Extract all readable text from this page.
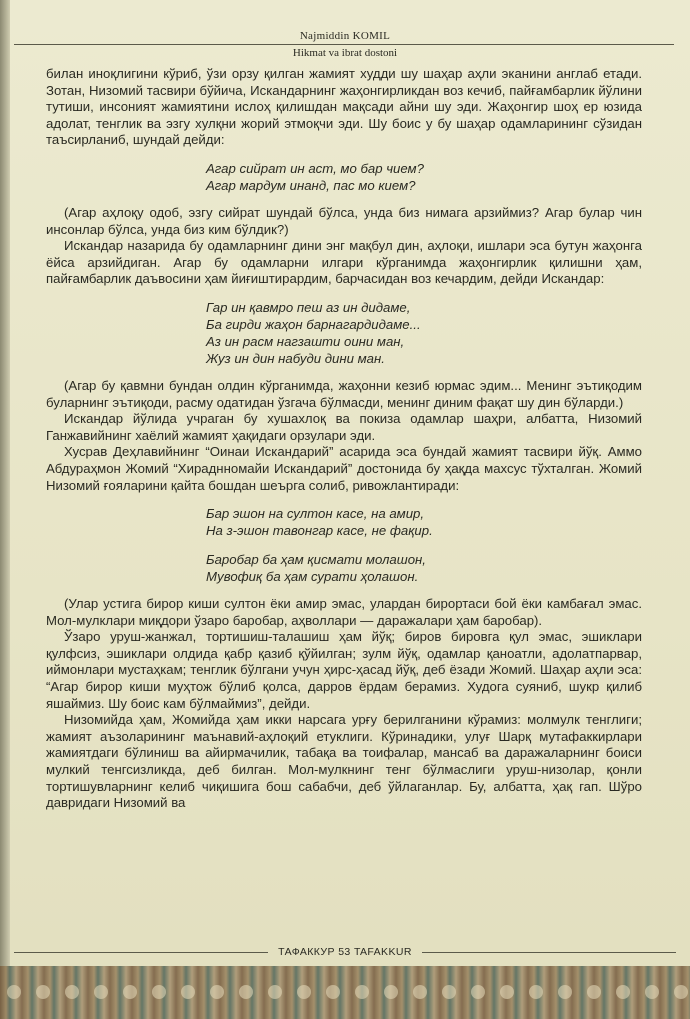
Najmiddin KOMIL
Hikmat va ibrat dostoni

билан иноқлигини кўриб, ўзи орзу қилган жамият худди шу шаҳар аҳли эканини англаб етади. Зотан, Низомий тасвири бўйича, Искандарнинг жаҳонгирликдан воз кечиб, пайғамбарлик йўлини тутиши, инсоният жамиятини ислоҳ қилишдан мақсади айни шу эди. Жаҳонгир шоҳ ер юзида адолат, тенглик ва эзгу хулқни жорий этмоқчи эди. Шу боис у бу шаҳар одамларининг сўзидан таъсирланиб, шундай дейди:

Агар сийрат ин аст, мо бар чием?
Агар мардум инанд, пас мо кием?

(Агар аҳлоқу одоб, эзгу сийрат шундай бўлса, унда биз нимага арзиймиз? Агар булар чин инсонлар бўлса, унда биз ким бўлдик?)

Искандар назарида бу одамларнинг дини энг мақбул дин, аҳлоқи, ишлари эса бутун жаҳонга ёйса арзийдиган. Агар бу одамларни илгари кўрганимда жаҳонгирлик қилишни ҳам, пайғамбарлик даъвосини ҳам йиғиштирардим, барчасидан воз кечардим, дейди Искандар:

Гар ин қавмро пеш аз ин дидаме,
Ба гирди жаҳон барнагардидаме...
Аз ин расм нагзашти оини ман,
Жуз ин дин набуди дини ман.

(Агар бу қавмни бундан олдин кўрганимда, жаҳонни кезиб юрмас эдим... Менинг эътиқодим буларнинг эътиқоди, расму одатидан ўзгача бўлмасди, менинг диним фақат шу дин бўларди.)

Искандар йўлида учраган бу хушахлоқ ва покиза одамлар шаҳри, албатта, Низомий Ганжавийнинг хаёлий жамият ҳақидаги орзулари эди.

Хусрав Деҳлавийнинг “Оинаи Искандарий” асарида эса бундай жамият тасвири йўқ. Аммо Абдураҳмон Жомий “Хираднномайи Искандарий” достонида бу ҳақда махсус тўхталган. Жомий Низомий ғояларини қайта бошдан шеърга солиб, ривожлантиради:

Бар эшон на султон касе, на амир,
На з-эшон тавонгар касе, не фақир.
Баробар ба ҳам қисмати молашон,
Мувофиқ ба ҳам сурати ҳолашон.

(Улар устига бирор киши султон ёки амир эмас, улардан бирортаси бой ёки камбағал эмас. Мол-мулклари миқдори ўзаро баробар, аҳволлари — даражалари ҳам баробар).

Ўзаро уруш-жанжал, тортишиш-талашиш ҳам йўқ; биров бировга қул эмас, эшиклари қулфсиз, эшиклари олдида қабр қазиб қўйилган; зулм йўқ, одамлар қаноатли, адолатпарвар, иймонлари мустаҳкам; тенглик бўлгани учун ҳирс-ҳасад йўқ, деб ёзади Жомий. Шаҳар аҳли эса: “Агар бирор киши муҳтож бўлиб қолса, дарров ёрдам берамиз. Худога суяниб, шукр қилиб яшаймиз. Шу боис кам бўлмаймиз”, дейди.

Низомийда ҳам, Жомийда ҳам икки нарсага урғу берилганини кўрамиз: молмулк тенглиги; жамият аъзоларининг маънавий-аҳлоқий етуклиги. Кўринадики, улуғ Шарқ мутафаккирлари жамиятдаги бўлиниш ва айирмачилик, табақа ва тоифалар, мансаб ва даражаларнинг боиси мулкий тенгсизликда, деб билган. Мол-мулкнинг тенг бўлмаслиги уруш-низолар, қонли тортишувларнинг келиб чиқишига бош сабабчи, деб ўйлаганлар. Бу, албатта, ҳақ гап. Шўро давридаги Низомий ва

ТАФАККУР 53 TAFAKKUR
